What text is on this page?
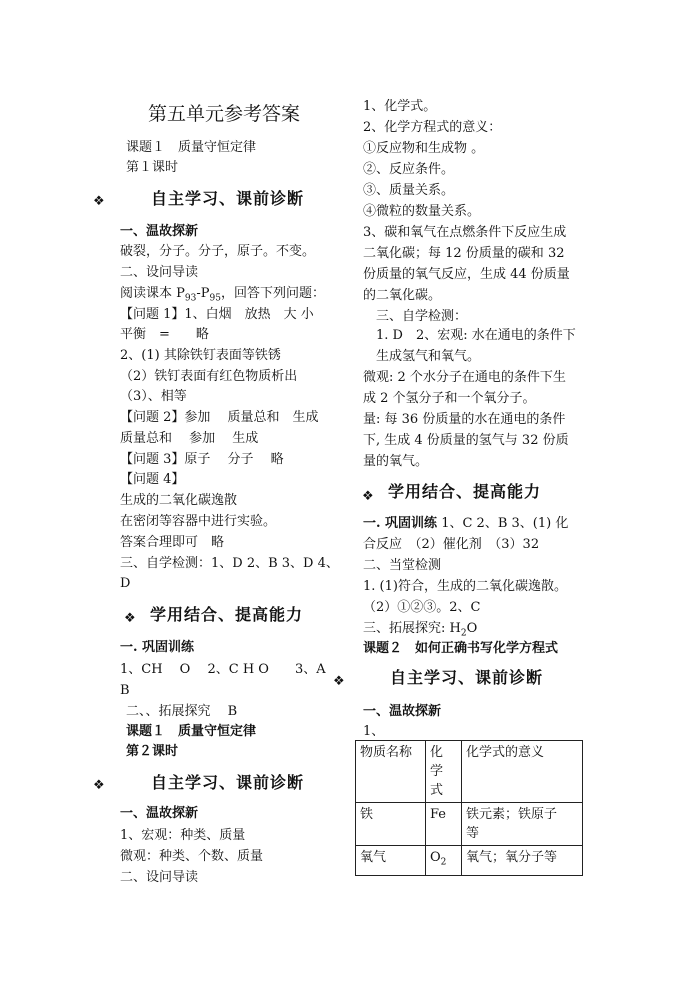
第五单元参考答案
课题１　质量守恒定律
第１课时
❖	自主学习、课前诊断
一、温故探新
破裂，分子。分子，原子。不变。
二、设问导读
阅读课本 $P_{93}-P_{95}$，回答下列问题：
【问题 1】1、白烟　放热　大 小
平衡　=　　略
2、(1) 其除铁钉表面等铁锈
（2）铁钉表面有红色物质析出
（3）、相等
【问题 2】参加　 质量总和　生成
质量总和　 参加　 生成
【问题 3】原子　 分子　 略
【问题 4】
生成的二氧化碳逸散
在密闭等容器中进行实验。
答案合理即可　略
三、自学检测：1、D 2、B 3、D 4、
D
❖ 学用结合、提高能力
一. 巩固训练
1、CH　 O　 2、C H O　　3、A
B
二、、拓展探究　 B
课题１　质量守恒定律
第２课时
❖	自主学习、课前诊断
一、温故探新
1、宏观：种类、质量
微观：种类、个数、质量
二、设问导读
1、化学式。
2、化学方程式的意义：
①反应物和生成物 。
②、反应条件。
③、质量关系。
④微粒的数量关系。
3、碳和氧气在点燃条件下反应生成
二氧化碳；每 12 份质量的碳和 32
份质量的氧气反应，生成 44 份质量
的二氧化碳。
　三、自学检测：
　1. D　2、宏观: 水在通电的条件下
　生成氢气和氧气。
微观: 2 个水分子在通电的条件下生
成 2 个氢分子和一个氧分子。
量: 每 36 份质量的水在通电的条件
下, 生成 4 份质量的氢气与 32 份质
量的氧气。
❖ 学用结合、提高能力
一. 巩固训练 1、C 2、B 3、(1) 化
合反应　（2）催化剂　（3）32
二、当堂检测
1. (1)符合，生成的二氧化碳逸散。
（2）①②③。2、C
三、拓展探究: $H_2O$
课题２　如何正确书写化学方程式
❖	自主学习、课前诊断
一、温故探新
1、
物质名称	化
学
式	化学式的意义
铁	Fe	铁元素；铁原子
等

氧气	$O_2$	氧气；氧分子等
